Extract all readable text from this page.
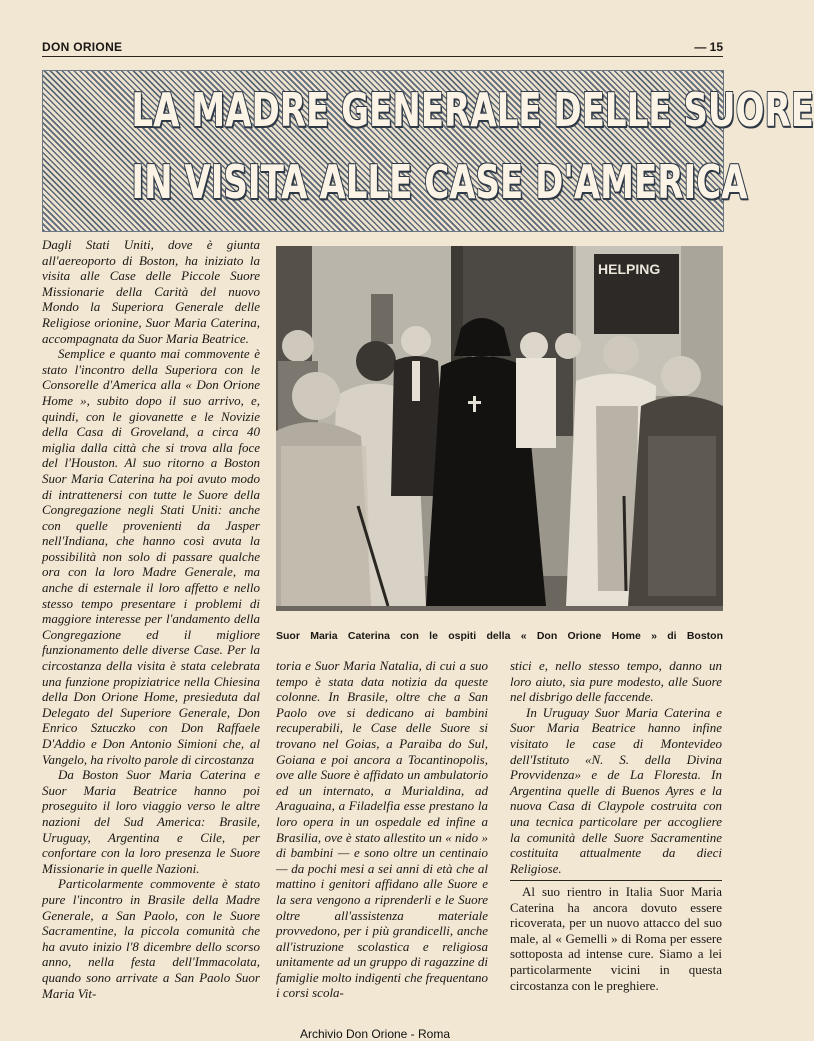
DON ORIONE	— 15
LA MADRE GENERALE DELLE SUORE
IN VISITA ALLE CASE D'AMERICA
HELPING
Suor Maria Caterina con le ospiti della « Don Orione Home » di Boston

Dagli Stati Uniti, dove è giunta all'aereoporto di Boston, ha iniziato la visita alle Case delle Piccole Suore Missionarie della Carità del nuovo Mondo la Superiora Generale delle Religiose orionine, Suor Maria Caterina, accompagnata da Suor Maria Beatrice.

Semplice e quanto mai commovente è stato l'incontro della Superiora con le Consorelle d'America alla « Don Orione Home », subito dopo il suo arrivo, e, quindi, con le giovanette e le Novizie della Casa di Groveland, a circa 40 miglia dalla città che si trova alla foce del l'Houston. Al suo ritorno a Boston Suor Maria Caterina ha poi avuto modo di intrattenersi con tutte le Suore della Congregazione negli Stati Uniti: anche con quelle provenienti da Jasper nell'Indiana, che hanno così avuta la possibilità non solo di passare qualche ora con la loro Madre Generale, ma anche di esternale il loro affetto e nello stesso tempo presentare i problemi di maggiore interesse per l'andamento della Congregazione ed il migliore funzionamento delle diverse Case. Per la circostanza della visita è stata celebrata una funzione propiziatrice nella Chiesina della Don Orione Home, presieduta dal Delegato del Superiore Generale, Don Enrico Sztuczko con Don Raffaele D'Addio e Don Antonio Simioni che, al Vangelo, ha rivolto parole di circostanza

Da Boston Suor Maria Caterina e Suor Maria Beatrice hanno poi proseguito il loro viaggio verso le altre nazioni del Sud America: Brasile, Uruguay, Argentina e Cile, per confortare con la loro presenza le Suore Missionarie in quelle Nazioni.

Particolarmente commovente è stato pure l'incontro in Brasile della Madre Generale, a San Paolo, con le Suore Sacramentine, la piccola comunità che ha avuto inizio l'8 dicembre dello scorso anno, nella festa dell'Immacolata, quando sono arrivate a San Paolo Suor Maria Vit-

toria e Suor Maria Natalia, di cui a suo tempo è stata data notizia da queste colonne. In Brasile, oltre che a San Paolo ove si dedicano ai bambini recuperabili, le Case delle Suore si trovano nel Goias, a Paraiba do Sul, Goiana e poi ancora a Tocantinopolis, ove alle Suore è affidato un ambulatorio ed un internato, a Murialdina, ad Araguaina, a Filadelfia esse prestano la loro opera in un ospedale ed infine a Brasilia, ove è stato allestito un « nido » di bambini — e sono oltre un centinaio — da pochi mesi a sei anni di età che al mattino i genitori affidano alle Suore e la sera vengono a riprenderli e le Suore oltre all'assistenza materiale provvedono, per i più grandicelli, anche all'istruzione scolastica e religiosa unitamente ad un gruppo di ragazzine di famiglie molto indigenti che frequentano i corsi scola-

stici e, nello stesso tempo, danno un loro aiuto, sia pure modesto, alle Suore nel disbrigo delle faccende.

In Uruguay Suor Maria Caterina e Suor Maria Beatrice hanno infine visitato le case di Montevideo dell'Istituto «N. S. della Divina Provvidenza» e de La Floresta. In Argentina quelle di Buenos Ayres e la nuova Casa di Claypole costruita con una tecnica particolare per accogliere la comunità delle Suore Sacramentine costituita attualmente da dieci Religiose.

Al suo rientro in Italia Suor Maria Caterina ha ancora dovuto essere ricoverata, per un nuovo attacco del suo male, al « Gemelli » di Roma per essere sottoposta ad intense cure. Siamo a lei particolarmente vicini in questa circostanza con le preghiere.

Archivio Don Orione - Roma
